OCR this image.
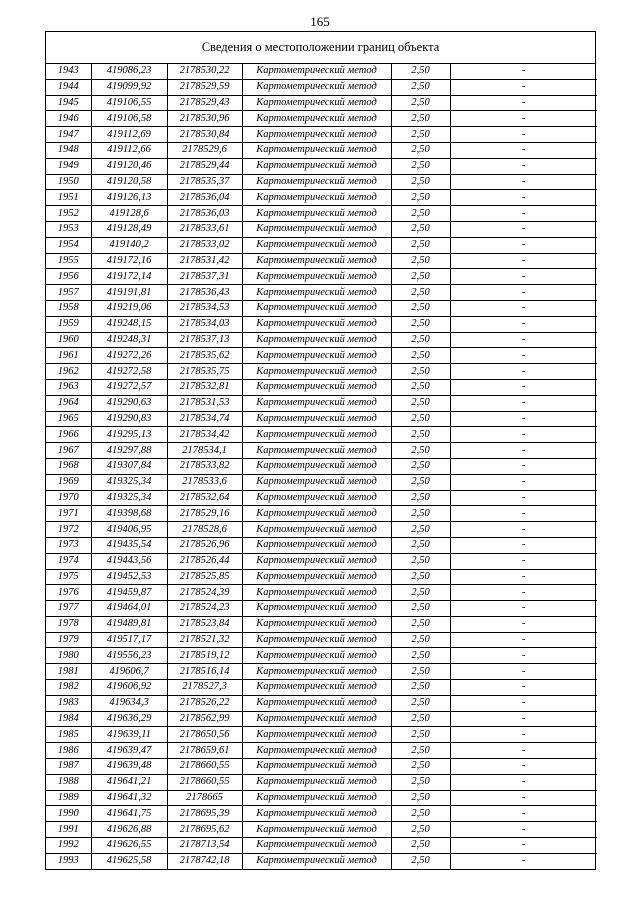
165
Сведения о местоположении границ объекта
1943	419086,23	2178530,22	Картометрический метод	2,50	-
1944	419099,92	2178529,59	Картометрический метод	2,50	-
1945	419106,55	2178529,43	Картометрический метод	2,50	-
1946	419106,58	2178530,96	Картометрический метод	2,50	-
1947	419112,69	2178530,84	Картометрический метод	2,50	-
1948	419112,66	2178529,6	Картометрический метод	2,50	-
1949	419120,46	2178529,44	Картометрический метод	2,50	-
1950	419120,58	2178535,37	Картометрический метод	2,50	-
1951	419126,13	2178536,04	Картометрический метод	2,50	-
1952	419128,6	2178536,03	Картометрический метод	2,50	-
1953	419128,49	2178533,61	Картометрический метод	2,50	-
1954	419140,2	2178533,02	Картометрический метод	2,50	-
1955	419172,16	2178531,42	Картометрический метод	2,50	-
1956	419172,14	2178537,31	Картометрический метод	2,50	-
1957	419191,81	2178536,43	Картометрический метод	2,50	-
1958	419219,06	2178534,53	Картометрический метод	2,50	-
1959	419248,15	2178534,03	Картометрический метод	2,50	-
1960	419248,31	2178537,13	Картометрический метод	2,50	-
1961	419272,26	2178535,62	Картометрический метод	2,50	-
1962	419272,58	2178535,75	Картометрический метод	2,50	-
1963	419272,57	2178532,81	Картометрический метод	2,50	-
1964	419290,63	2178531,53	Картометрический метод	2,50	-
1965	419290,83	2178534,74	Картометрический метод	2,50	-
1966	419295,13	2178534,42	Картометрический метод	2,50	-
1967	419297,88	2178534,1	Картометрический метод	2,50	-
1968	419307,84	2178533,82	Картометрический метод	2,50	-
1969	419325,34	2178533,6	Картометрический метод	2,50	-
1970	419325,34	2178532,64	Картометрический метод	2,50	-
1971	419398,68	2178529,16	Картометрический метод	2,50	-
1972	419406,95	2178528,6	Картометрический метод	2,50	-
1973	419435,54	2178526,96	Картометрический метод	2,50	-
1974	419443,56	2178526,44	Картометрический метод	2,50	-
1975	419452,53	2178525,85	Картометрический метод	2,50	-
1976	419459,87	2178524,39	Картометрический метод	2,50	-
1977	419464,01	2178524,23	Картометрический метод	2,50	-
1978	419489,81	2178523,84	Картометрический метод	2,50	-
1979	419517,17	2178521,32	Картометрический метод	2,50	-
1980	419556,23	2178519,12	Картометрический метод	2,50	-
1981	419606,7	2178516,14	Картометрический метод	2,50	-
1982	419606,92	2178527,3	Картометрический метод	2,50	-
1983	419634,3	2178526,22	Картометрический метод	2,50	-
1984	419636,29	2178562,99	Картометрический метод	2,50	-
1985	419639,11	2178650,56	Картометрический метод	2,50	-
1986	419639,47	2178659,61	Картометрический метод	2,50	-
1987	419639,48	2178660,55	Картометрический метод	2,50	-
1988	419641,21	2178660,55	Картометрический метод	2,50	-
1989	419641,32	2178665	Картометрический метод	2,50	-
1990	419641,75	2178695,39	Картометрический метод	2,50	-
1991	419626,88	2178695,62	Картометрический метод	2,50	-
1992	419626,55	2178713,54	Картометрический метод	2,50	-
1993	419625,58	2178742,18	Картометрический метод	2,50	-
